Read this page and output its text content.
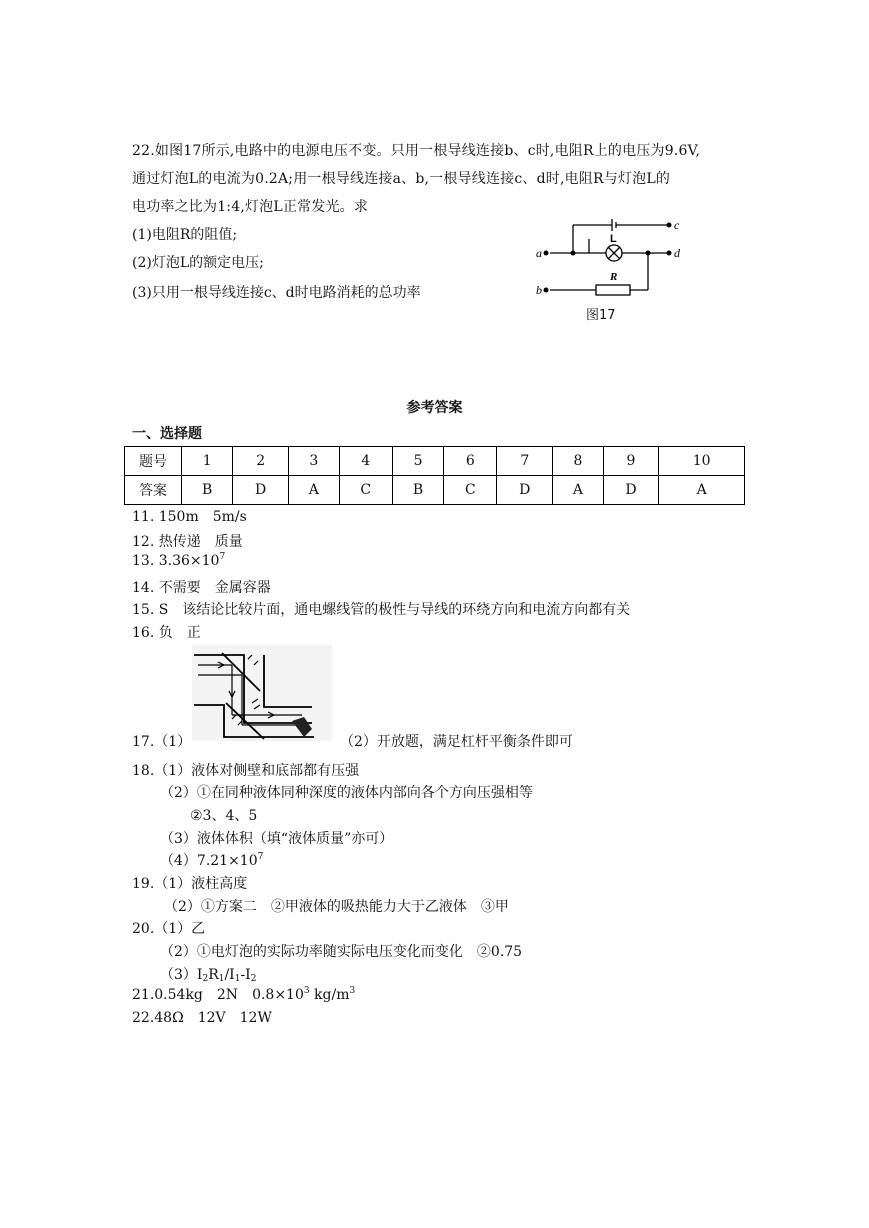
22.如图17所示,电路中的电源电压不变。只用一根导线连接b、c时,电阻R上的电压为9.6V,
通过灯泡L的电流为0.2A;用一根导线连接a、b,一根导线连接c、d时,电阻R与灯泡L的
电功率之比为1:4,灯泡L正常发光。求
(1)电阻R的阻值;
(2)灯泡L的额定电压;
(3)只用一根导线连接c、d时电路消耗的总功率
a	d
c
b
L
R
图17
参考答案
一、选择题
题号	1	2	3	4	5	6	7	8	9	10
答案	B	D	A	C	B	C	D	A	D	A
11. 150m 5m/s
12. 热传递 质量
13. $3.36\times 10^7$
14. 不需要 金属容器
15. S　该结论比较片面，通电螺线管的极性与导线的环绕方向和电流方向都有关
16. 负 正
17.（1）	（2）开放题，满足杠杆平衡条件即可
18.（1）液体对侧壁和底部都有压强
（2）①在同种液体同种深度的液体内部向各个方向压强相等
②3、4、5
（3）液体体积（填“液体质量”亦可）
$(4)7.21\times 10^7$
19.（1）液柱高度
（2）①方案二　②甲液体的吸热能力大于乙液体　③甲
20.（1）乙
（2）①电灯泡的实际功率随实际电压变化而变化　②0.75
$(3)I_2R_1/I_1-I_2$
21.0.54kg 2N $0.8\times 10^3$ $kg/m^3$
22.48Ω 12V 12W
